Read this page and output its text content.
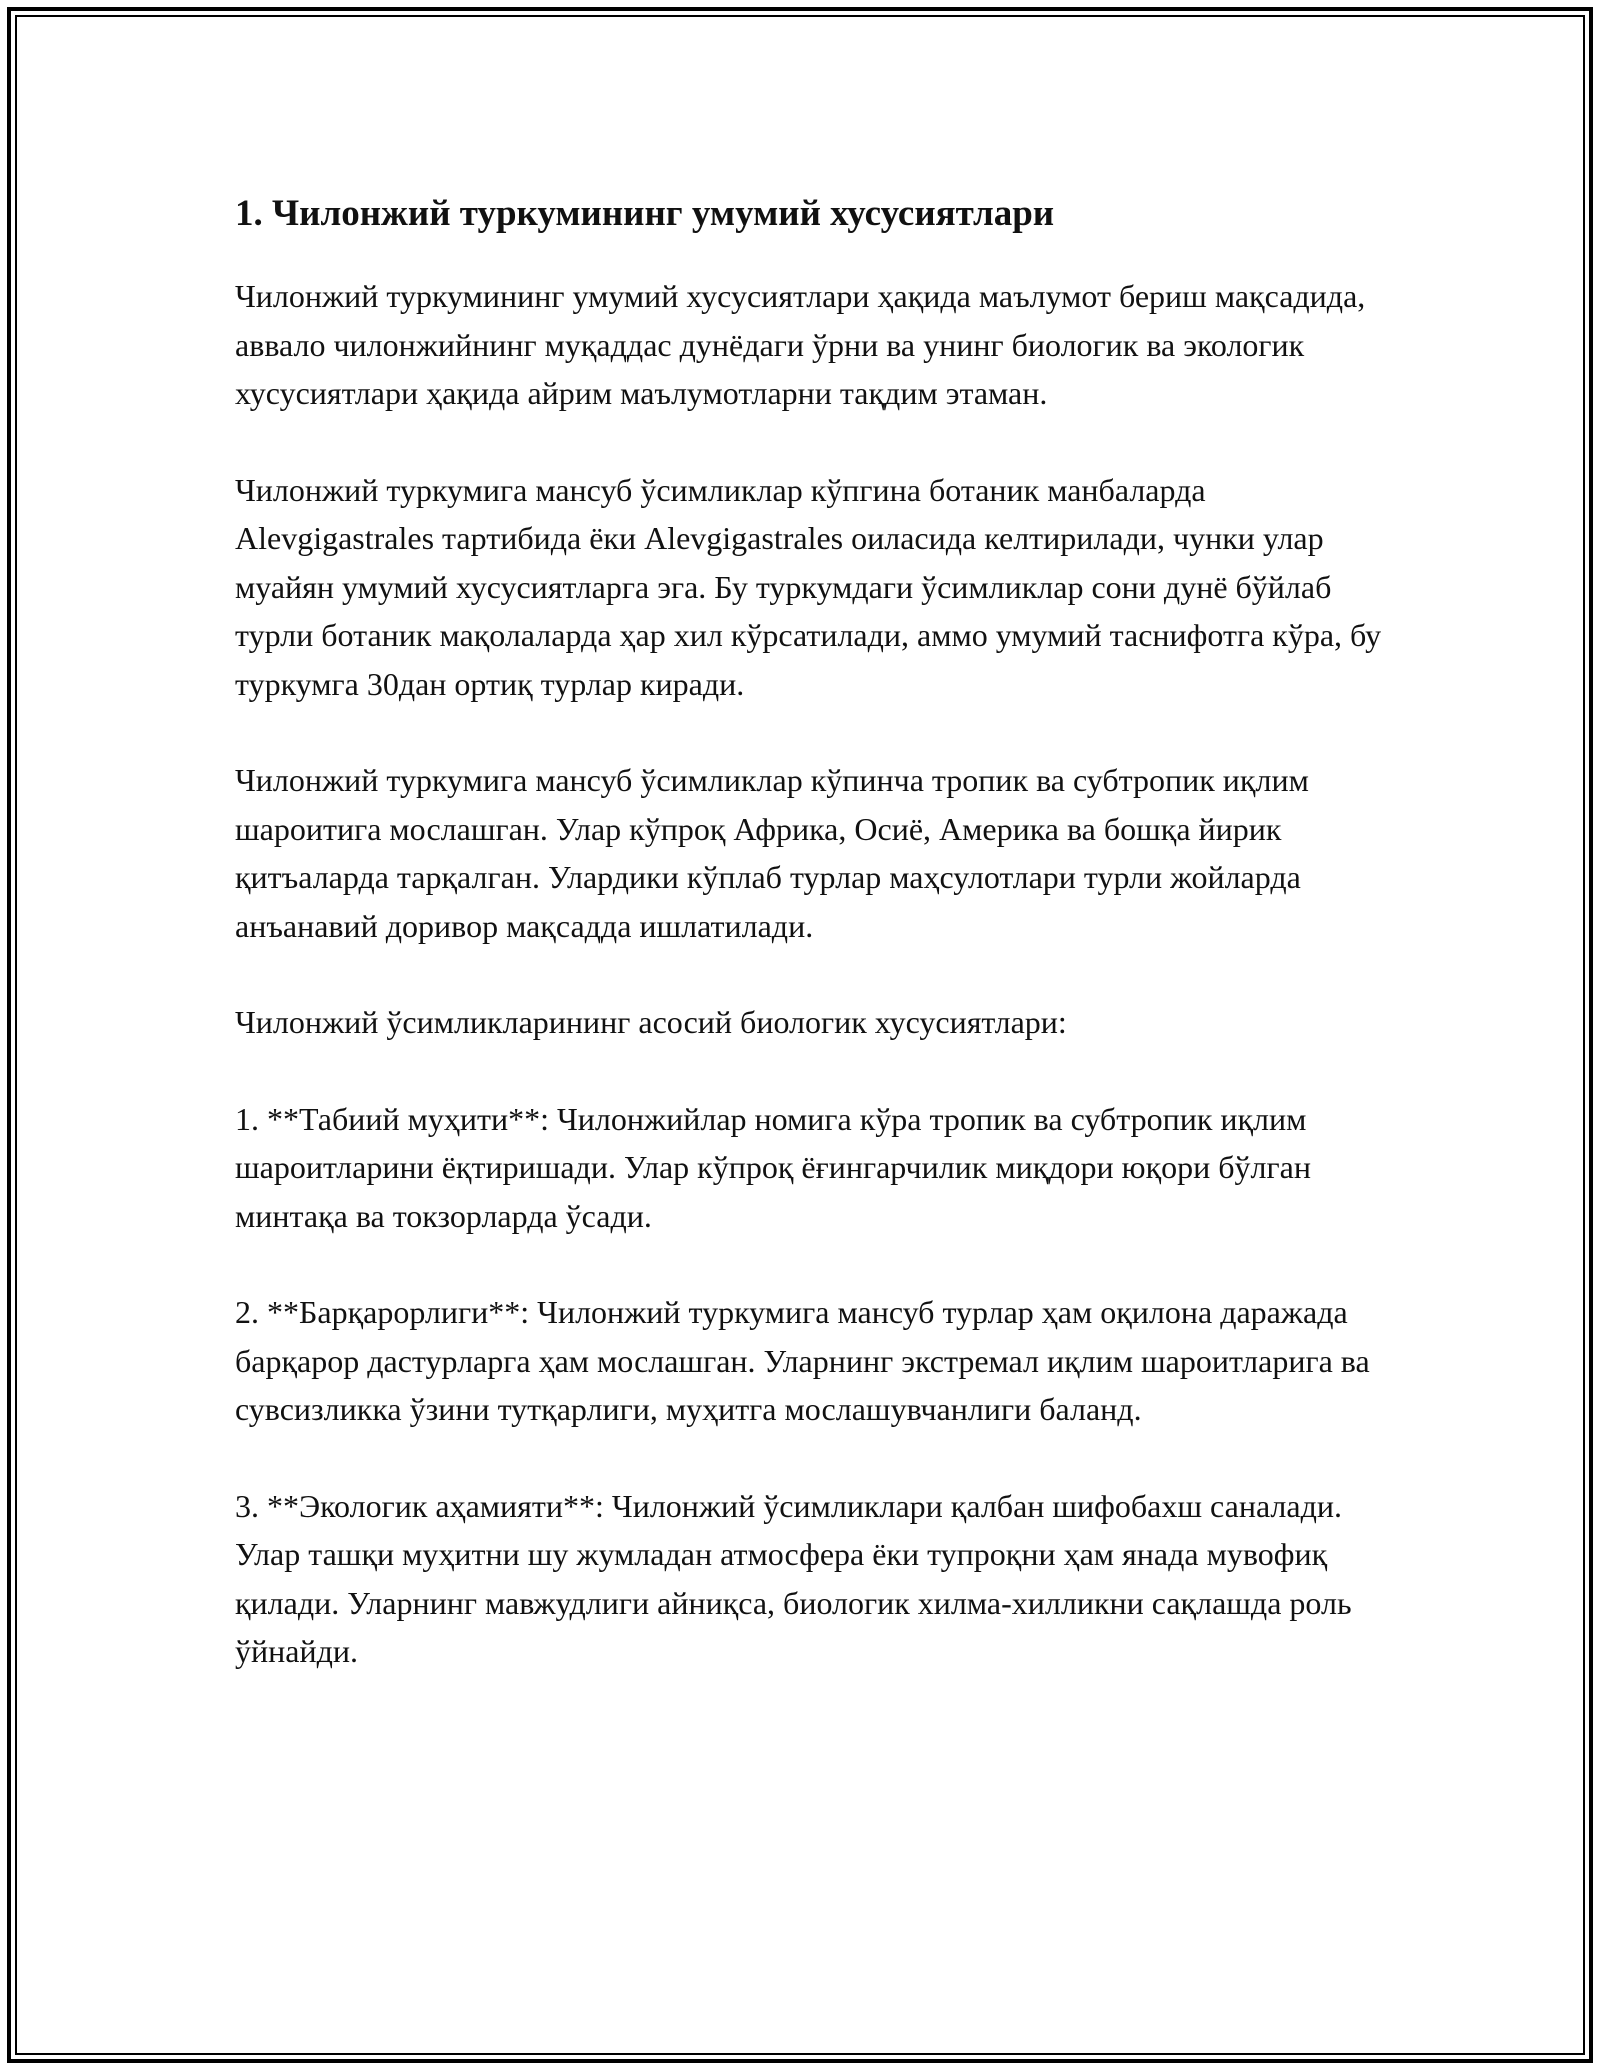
1. Чилонжий туркумининг умумий хусусиятлари

Чилонжий туркумининг умумий хусусиятлари ҳақида маълумот бериш мақсадида, аввало чилонжийнинг муқаддас дунёдаги ўрни ва унинг биологик ва экологик хусусиятлари ҳақида айрим маълумотларни тақдим этаман.

Чилонжий туркумига мансуб ўсимликлар кўпгина ботаник манбаларда Alevgigastrales тартибида ёки Alevgigastrales оиласида келтирилади, чунки улар муайян умумий хусусиятларга эга. Бу туркумдаги ўсимликлар сони дунё бўйлаб турли ботаник мақолаларда ҳар хил кўрсатилади, аммо умумий таснифотга кўра, бу туркумга 30дан ортиқ турлар киради.

Чилонжий туркумига мансуб ўсимликлар кўпинча тропик ва субтропик иқлим шароитига мослашган. Улар кўпроқ Африка, Осиё, Америка ва бошқа йирик қитъаларда тарқалган. Улардики кўплаб турлар маҳсулотлари турли жойларда анъанавий доривор мақсадда ишлатилади.

Чилонжий ўсимликларининг асосий биологик хусусиятлари:

1. **Табиий муҳити**: Чилонжийлар номига кўра тропик ва субтропик иқлим шароитларини ёқтиришади. Улар кўпроқ ёғингарчилик миқдори юқори бўлган минтақа ва токзорларда ўсади.

2. **Барқарорлиги**: Чилонжий туркумига мансуб турлар ҳам оқилона даражада барқарор дастурларга ҳам мослашган. Уларнинг экстремал иқлим шароитларига ва сувсизликка ўзини тутқарлиги, муҳитга мослашувчанлиги баланд.

3. **Экологик аҳамияти**: Чилонжий ўсимликлари қалбан шифобахш саналади. Улар ташқи муҳитни шу жумладан атмосфера ёки тупроқни ҳам янада мувофиқ қилади. Уларнинг мавжудлиги айниқса, биологик хилма-хилликни сақлашда роль ўйнайди.
